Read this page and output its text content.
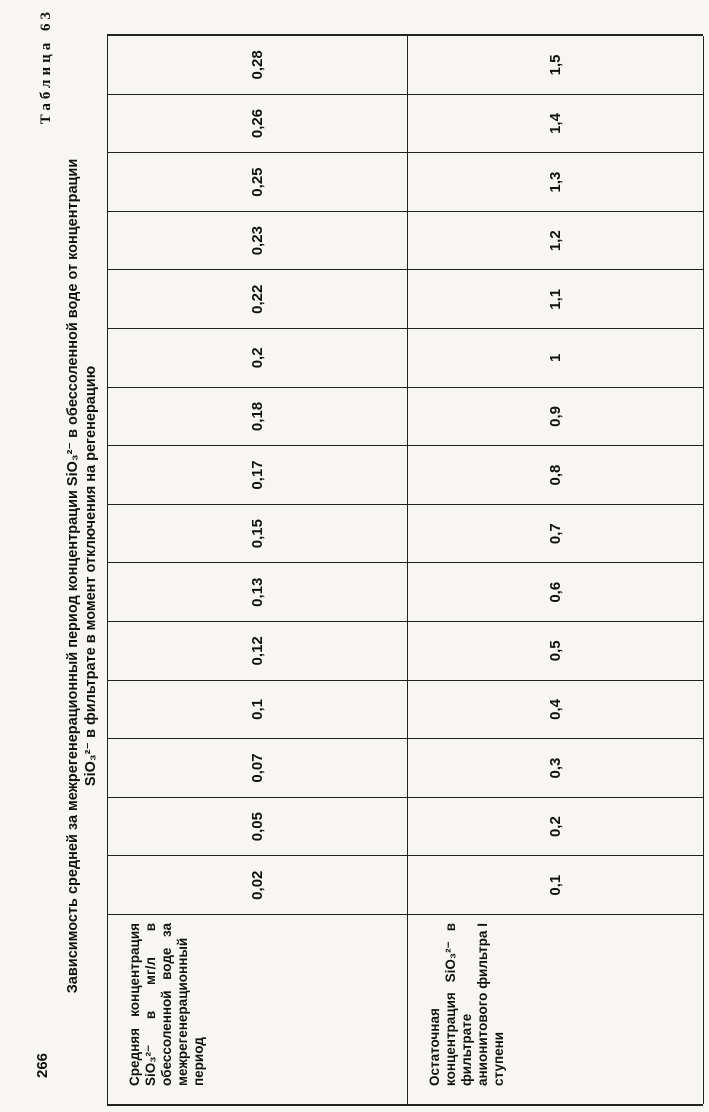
266
Таблица 63
Зависимость средней за межрегенерационный период концентрации SiO₃²⁻ в обессоленной воде от концентрации SiO₃²⁻ в фильтрате в момент отключения на регенерацию
Средняя концентрация SiO₃²⁻ в мг/л в обессоленной воде за межрегенерационный период
0,02
0,05
0,07
0,1
0,12
0,13
0,15
0,17
0,18
0,2
0,22
0,23
0,25
0,26
0,28
Остаточная концентрация SiO₃²⁻ в фильтрате анионитового фильтра I ступени
0,1
0,2
0,3
0,4
0,5
0,6
0,7
0,8
0,9
1
1,1
1,2
1,3
1,4
1,5
